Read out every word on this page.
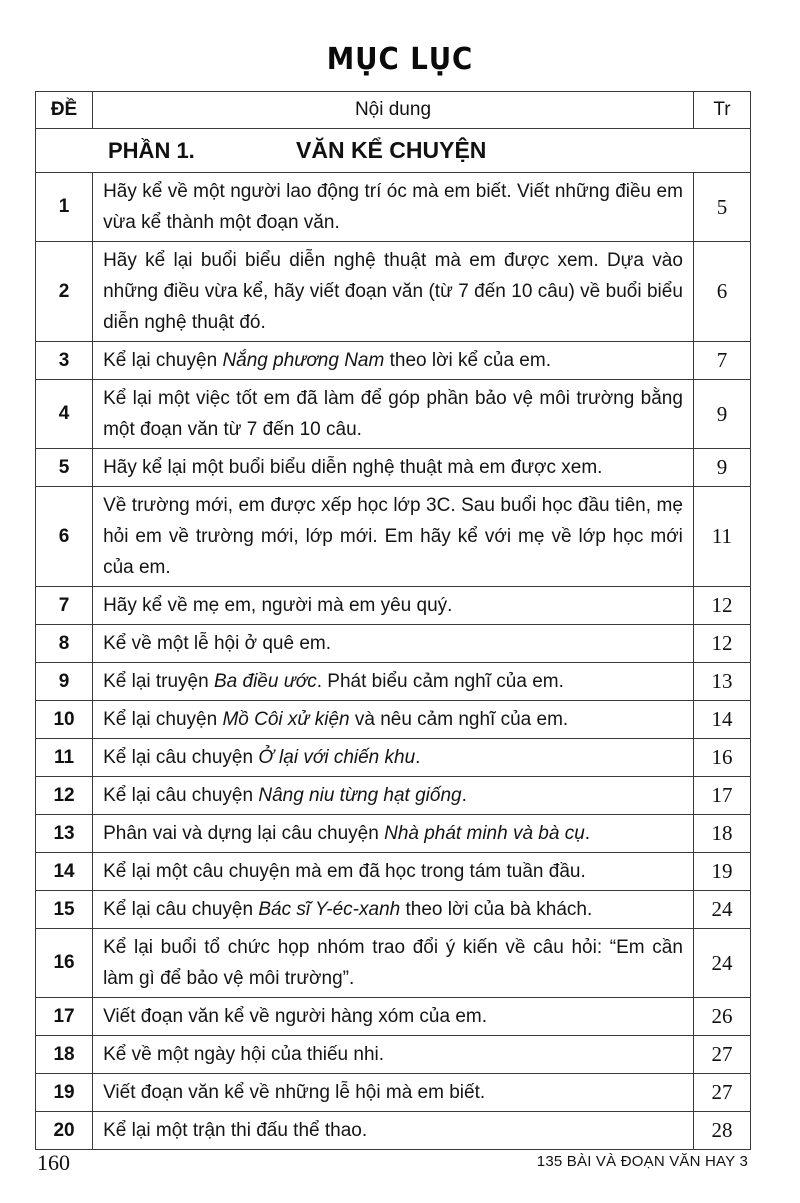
MỤC LỤC
ĐỀ	Nội dung	Tr

PHẦN 1. VĂN KỂ CHUYỆN		

1	Hãy kể về một người lao động trí óc mà em biết. Viết những điều em vừa kể thành một đoạn văn.	5
2	Hãy kể lại buổi biểu diễn nghệ thuật mà em được xem. Dựa vào những điều vừa kể, hãy viết đoạn văn (từ 7 đến 10 câu) về buổi biểu diễn nghệ thuật đó.	6
3	Kể lại chuyện Nắng phương Nam theo lời kể của em.	7
4	Kể lại một việc tốt em đã làm để góp phần bảo vệ môi trường bằng một đoạn văn từ 7 đến 10 câu.	9
5	Hãy kể lại một buổi biểu diễn nghệ thuật mà em được xem.	9
6	Về trường mới, em được xếp học lớp 3C. Sau buổi học đầu tiên, mẹ hỏi em về trường mới, lớp mới. Em hãy kể với mẹ về lớp học mới của em.	11
7	Hãy kể về mẹ em, người mà em yêu quý.	12
8	Kể về một lễ hội ở quê em.	12
9	Kể lại truyện Ba điều ước. Phát biểu cảm nghĩ của em.	13
10	Kể lại chuyện Mồ Côi xử kiện và nêu cảm nghĩ của em.	14
11	Kể lại câu chuyện Ở lại với chiến khu.	16
12	Kể lại câu chuyện Nâng niu từng hạt giống.	17
13	Phân vai và dựng lại câu chuyện Nhà phát minh và bà cụ.	18
14	Kể lại một câu chuyện mà em đã học trong tám tuần đầu.	19
15	Kể lại câu chuyện Bác sĩ Y-éc-xanh theo lời của bà khách.	24
16	Kể lại buổi tổ chức họp nhóm trao đổi ý kiến về câu hỏi: “Em cần làm gì để bảo vệ môi trường”.	24
17	Viết đoạn văn kể về người hàng xóm của em.	26
18	Kể về một ngày hội của thiếu nhi.	27
19	Viết đoạn văn kể về những lễ hội mà em biết.	27
20	Kể lại một trận thi đấu thể thao.	28
160	135 BÀI VÀ ĐOẠN VĂN HAY 3
